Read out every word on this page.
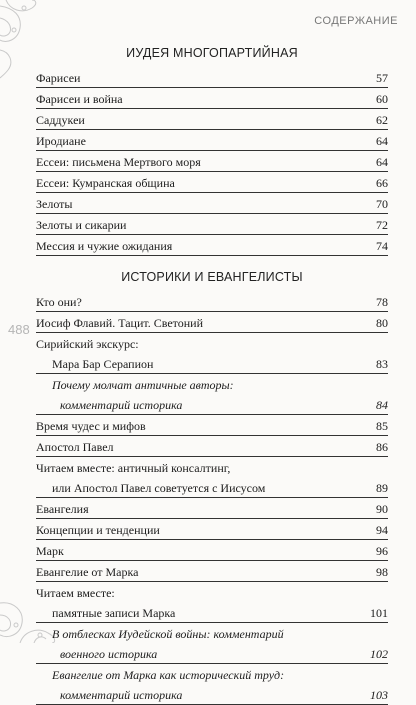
СОДЕРЖАНИЕ
488
ИУДЕЯ МНОГОПАРТИЙНАЯ
Фарисеи	57
Фарисеи и война	60
Саддукеи	62
Иродиане	64
Ессеи: письмена Мертвого моря	64
Ессеи: Кумранская община	66
Зелоты	70
Зелоты и сикарии	72
Мессия и чужие ожидания	74
ИСТОРИКИ И ЕВАНГЕЛИСТЫ
Кто они?	78
Иосиф Флавий. Тацит. Светоний	80
Сирийский экскурс:
Мара Бар Серапион	83
Почему молчат античные авторы:
комментарий историка	84
Время чудес и мифов	85
Апостол Павел	86
Читаем вместе: античный консалтинг,
или Апостол Павел советуется с Иисусом	89
Евангелия	90
Концепции и тенденции	94
Марк	96
Евангелие от Марка	98
Читаем вместе:
памятные записи Марка	101
В отблесках Иудейской войны: комментарий
военного историка	102
Евангелие от Марка как исторический труд:
комментарий историка	103
